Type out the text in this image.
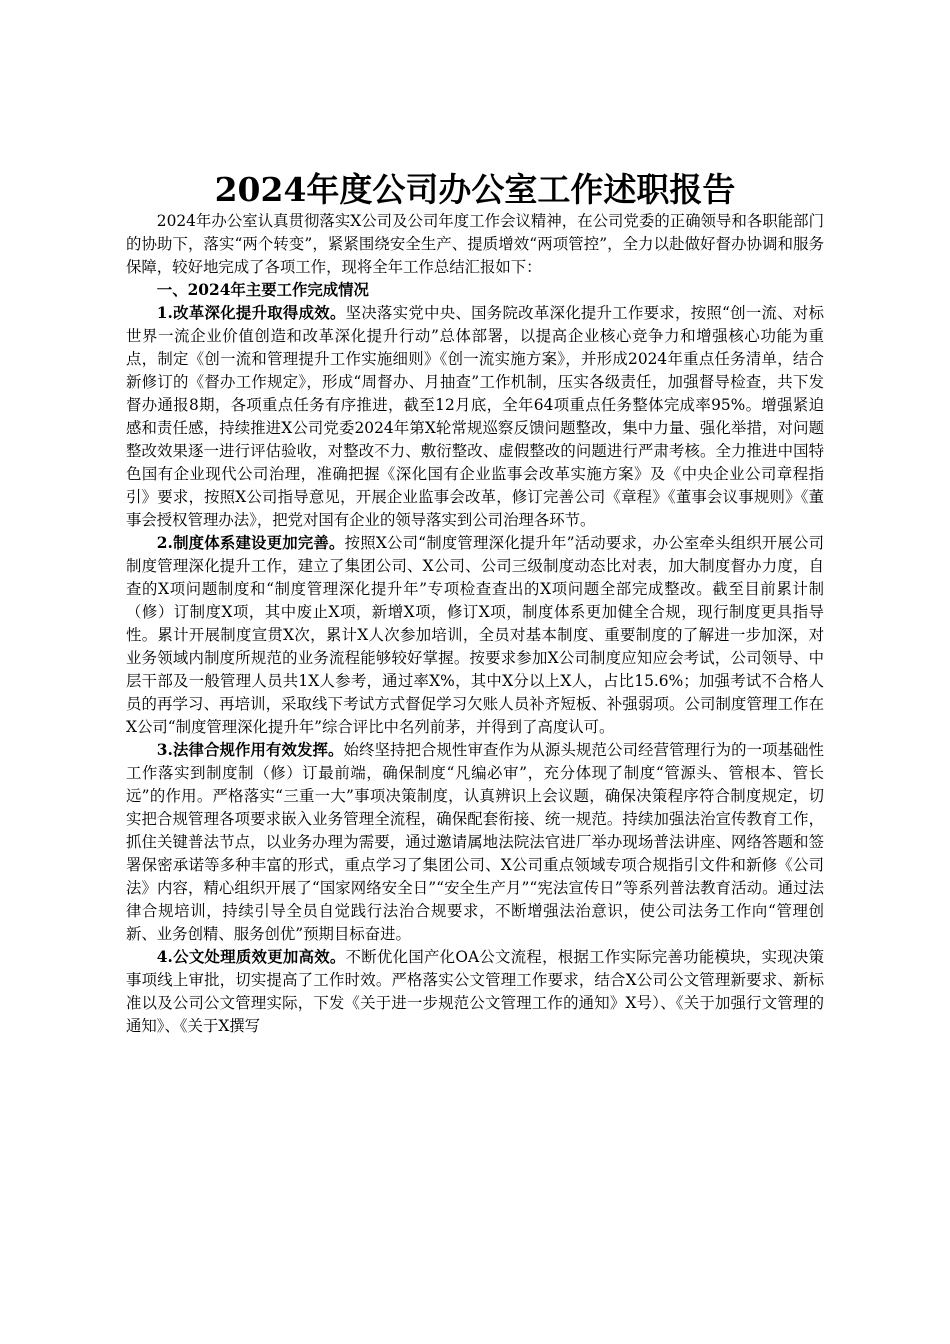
2024年度公司办公室工作述职报告

2024年办公室认真贯彻落实X公司及公司年度工作会议精神，在公司党委的正确领导和各职能部门的协助下，落实“两个转变”，紧紧围绕安全生产、提质增效“两项管控”，全力以赴做好督办协调和服务保障，较好地完成了各项工作，现将全年工作总结汇报如下：

一、2024年主要工作完成情况

1.改革深化提升取得成效。坚决落实党中央、国务院改革深化提升工作要求，按照“创一流、对标世界一流企业价值创造和改革深化提升行动”总体部署，以提高企业核心竞争力和增强核心功能为重点，制定《创一流和管理提升工作实施细则》《创一流实施方案》，并形成2024年重点任务清单，结合新修订的《督办工作规定》，形成“周督办、月抽查”工作机制，压实各级责任，加强督导检查，共下发督办通报8期，各项重点任务有序推进，截至12月底，全年64项重点任务整体完成率95%。增强紧迫感和责任感，持续推进X公司党委2024年第X轮常规巡察反馈问题整改，集中力量、强化举措，对问题整改效果逐一进行评估验收，对整改不力、敷衍整改、虚假整改的问题进行严肃考核。全力推进中国特色国有企业现代公司治理，准确把握《深化国有企业监事会改革实施方案》及《中央企业公司章程指引》要求，按照X公司指导意见，开展企业监事会改革，修订完善公司《章程》《董事会议事规则》《董事会授权管理办法》，把党对国有企业的领导落实到公司治理各环节。

2.制度体系建设更加完善。按照X公司“制度管理深化提升年”活动要求，办公室牵头组织开展公司制度管理深化提升工作，建立了集团公司、X公司、公司三级制度动态比对表，加大制度督办力度，自查的X项问题制度和“制度管理深化提升年”专项检查查出的X项问题全部完成整改。截至目前累计制（修）订制度X项，其中废止X项，新增X项，修订X项，制度体系更加健全合规，现行制度更具指导性。累计开展制度宣贯X次，累计X人次参加培训，全员对基本制度、重要制度的了解进一步加深，对业务领域内制度所规范的业务流程能够较好掌握。按要求参加X公司制度应知应会考试，公司领导、中层干部及一般管理人员共1X人参考，通过率X%，其中X分以上X人，占比15.6%；加强考试不合格人员的再学习、再培训，采取线下考试方式督促学习欠账人员补齐短板、补强弱项。公司制度管理工作在X公司“制度管理深化提升年”综合评比中名列前茅，并得到了高度认可。

3.法律合规作用有效发挥。始终坚持把合规性审查作为从源头规范公司经营管理行为的一项基础性工作落实到制度制（修）订最前端，确保制度“凡编必审”，充分体现了制度“管源头、管根本、管长远”的作用。严格落实“三重一大”事项决策制度，认真辨识上会议题，确保决策程序符合制度规定，切实把合规管理各项要求嵌入业务管理全流程，确保配套衔接、统一规范。持续加强法治宣传教育工作，抓住关键普法节点，以业务办理为需要，通过邀请属地法院法官进厂举办现场普法讲座、网络答题和签署保密承诺等多种丰富的形式，重点学习了集团公司、X公司重点领域专项合规指引文件和新修《公司法》内容，精心组织开展了“国家网络安全日”“安全生产月”“宪法宣传日”等系列普法教育活动。通过法律合规培训，持续引导全员自觉践行法治合规要求，不断增强法治意识，使公司法务工作向“管理创新、业务创精、服务创优”预期目标奋进。

4.公文处理质效更加高效。不断优化国产化OA公文流程，根据工作实际完善功能模块，实现决策事项线上审批，切实提高了工作时效。严格落实公文管理工作要求，结合X公司公文管理新要求、新标准以及公司公文管理实际，下发《关于进一步规范公文管理工作的通知》X号）、《关于加强行文管理的通知》、《关于X撰写
